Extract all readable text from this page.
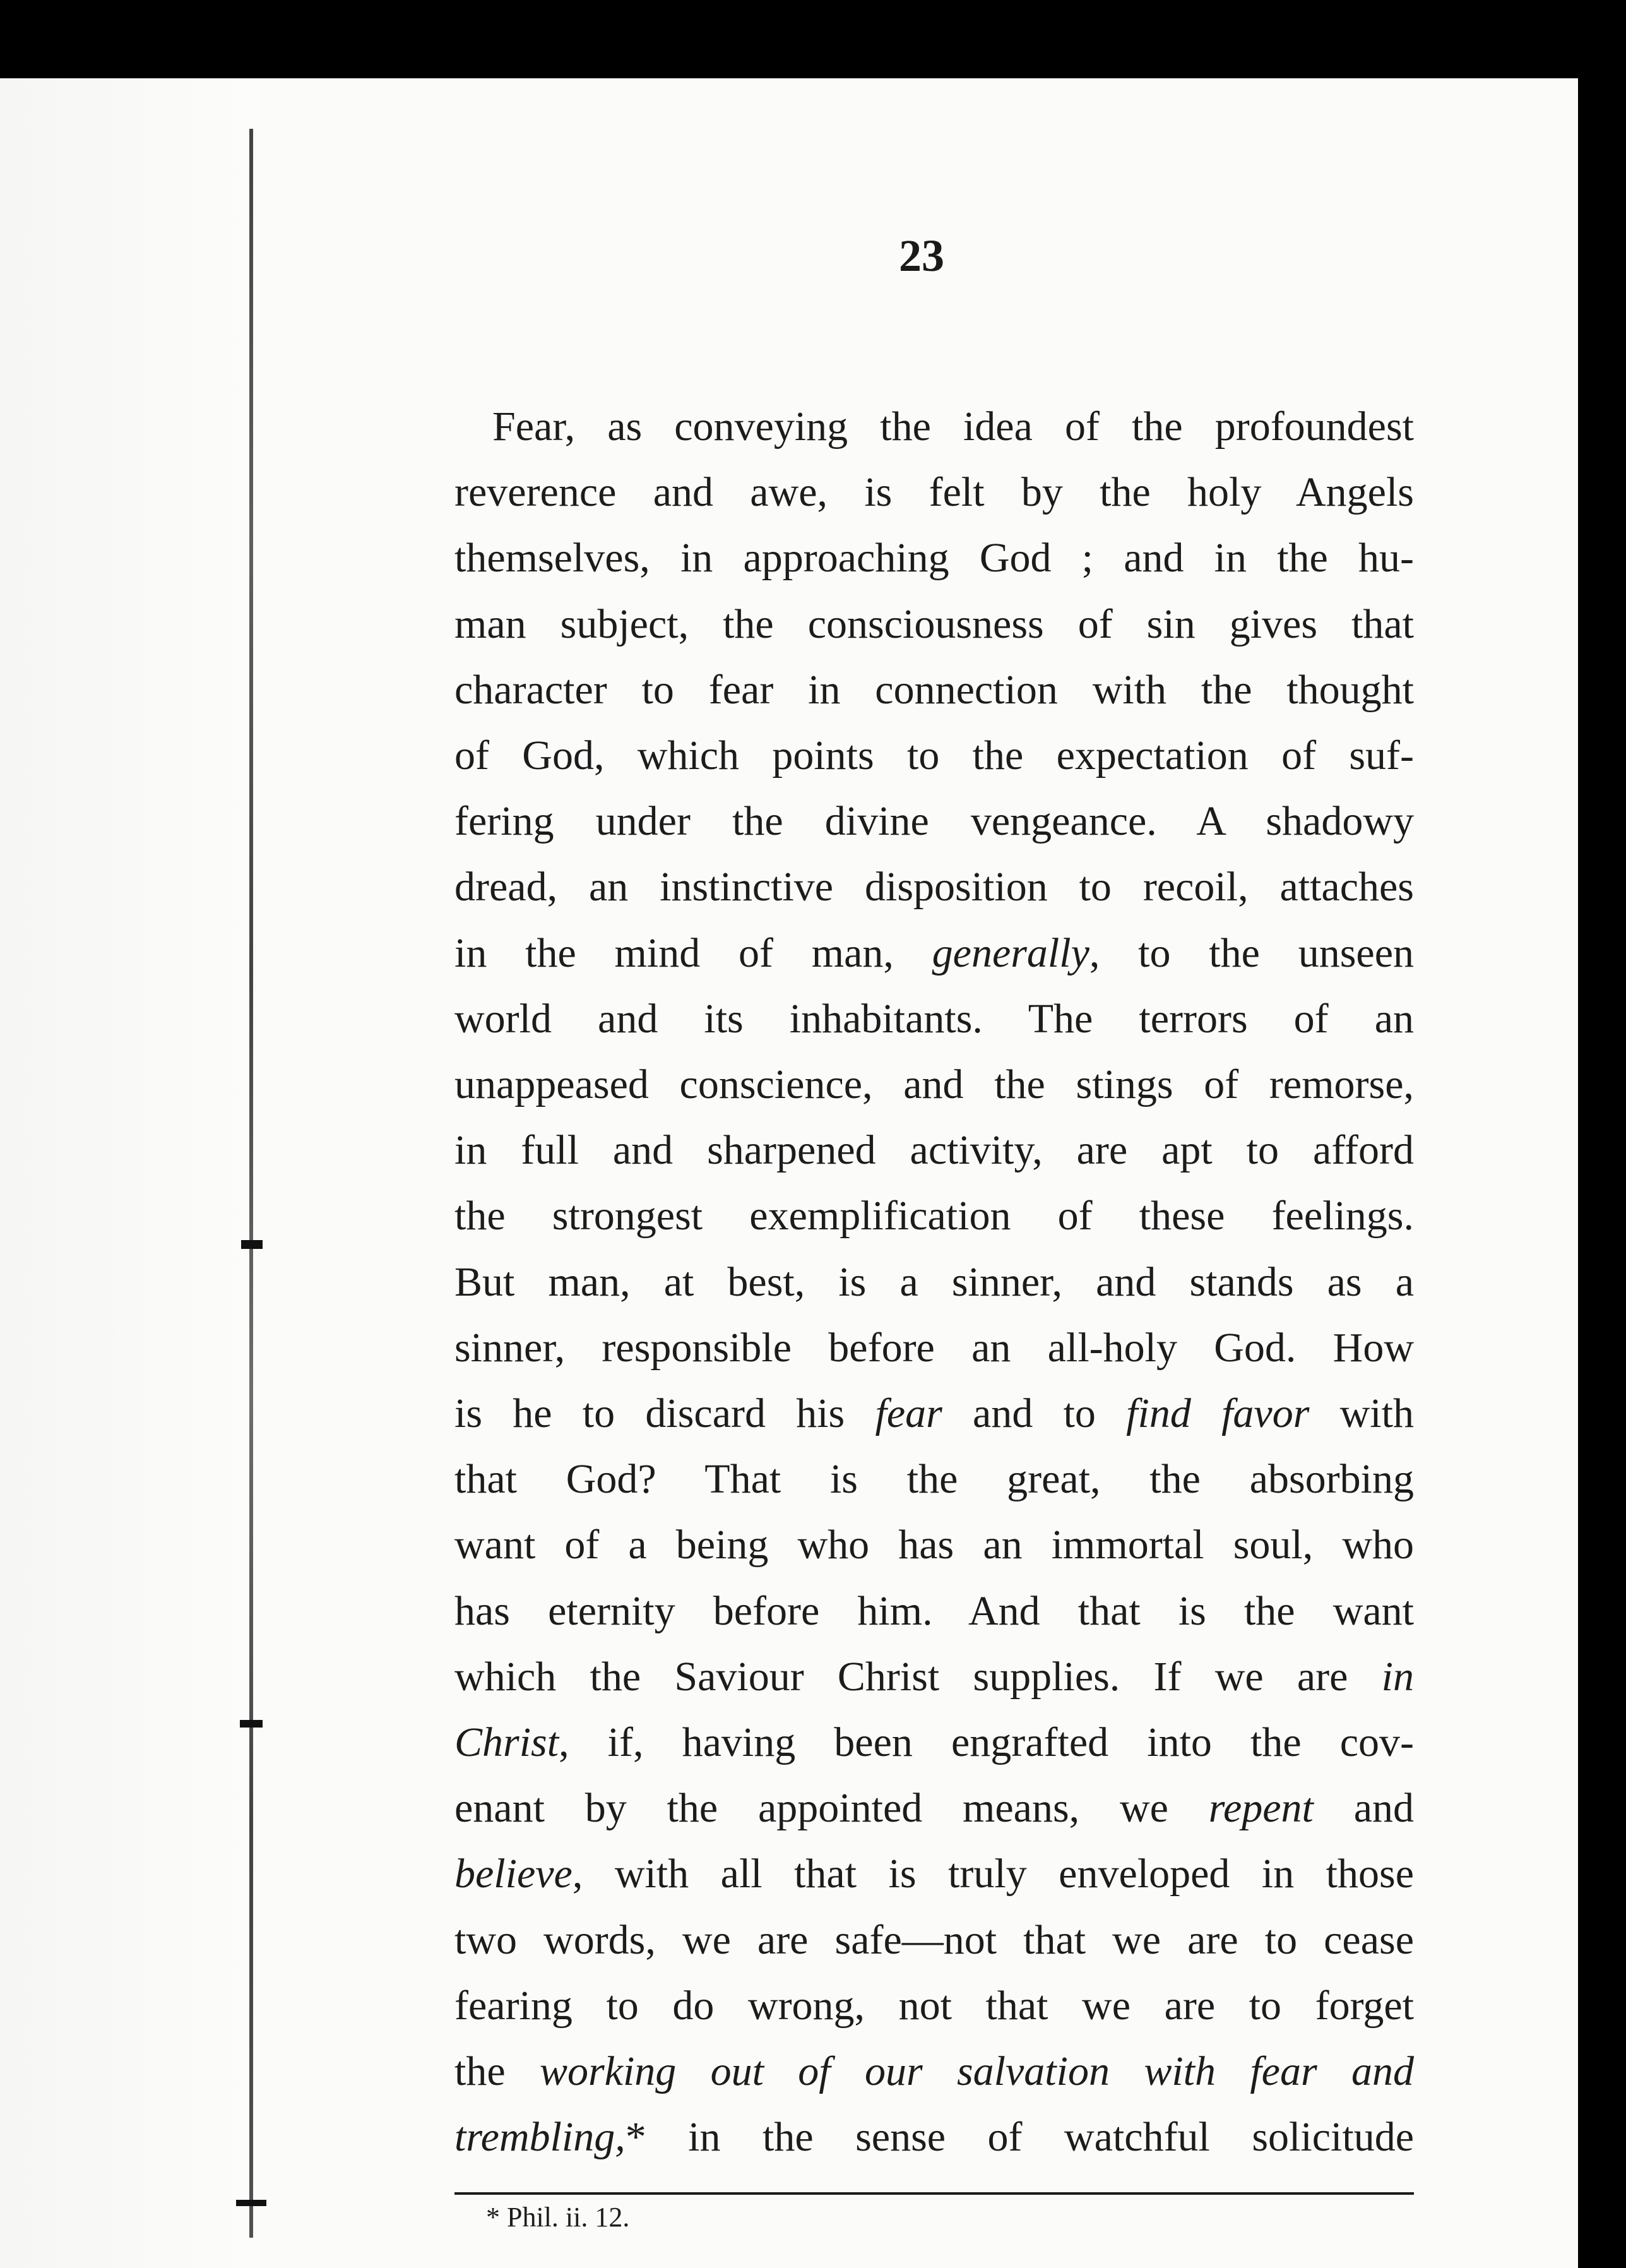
23
Fear, as conveying the idea of the profoundest
reverence and awe, is felt by the holy Angels
themselves, in approaching God ; and in the hu-
man subject, the consciousness of sin gives that
character to fear in connection with the thought
of God, which points to the expectation of suf-
fering under the divine vengeance. A shadowy
dread, an instinctive disposition to recoil, attaches
in the mind of man, generally, to the unseen
world and its inhabitants. The terrors of an
unappeased conscience, and the stings of remorse,
in full and sharpened activity, are apt to afford
the strongest exemplification of these feelings.
But man, at best, is a sinner, and stands as a
sinner, responsible before an all-holy God. How
is he to discard his fear and to find favor with
that God? That is the great, the absorbing
want of a being who has an immortal soul, who
has eternity before him. And that is the want
which the Saviour Christ supplies. If we are in
Christ, if, having been engrafted into the cov-
enant by the appointed means, we repent and
believe, with all that is truly enveloped in those
two words, we are safe—not that we are to cease
fearing to do wrong, not that we are to forget
the working out of our salvation with fear and
trembling,* in the sense of watchful solicitude
* Phil. ii. 12.
